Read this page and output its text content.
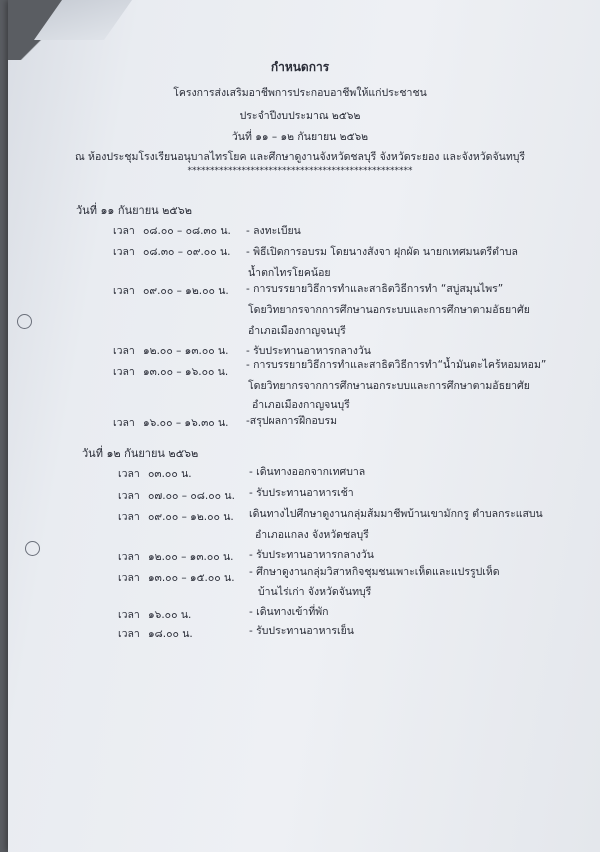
กำหนดการ
โครงการส่งเสริมอาชีพการประกอบอาชีพให้แก่ประชาชน
ประจำปีงบประมาณ ๒๕๖๒
วันที่ ๑๑ – ๑๒ กันยายน ๒๕๖๒
ณ ห้องประชุมโรงเรียนอนุบาลไทรโยค และศึกษาดูงานจังหวัดชลบุรี จังหวัดระยอง และจังหวัดจันทบุรี
**************************************************
วันที่ ๑๑ กันยายน ๒๕๖๒
เวลา ๐๘.๐๐ – ๐๘.๓๐ น. - ลงทะเบียน
เวลา ๐๘.๓๐ – ๐๙.๐๐ น. - พิธีเปิดการอบรม โดยนางสังจา ฝุกผัด นายกเทศมนตรีตำบล
น้ำตกไทรโยคน้อย
เวลา ๐๙.๐๐ – ๑๒.๐๐ น. - การบรรยายวิธีการทำและสาธิตวิธีการทำ “สบู่สมุนไพร”
โดยวิทยากรจากการศึกษานอกระบบและการศึกษาตามอัธยาศัย
อำเภอเมืองกาญจนบุรี
เวลา ๑๒.๐๐ – ๑๓.๐๐ น. - รับประทานอาหารกลางวัน
เวลา ๑๓.๐๐ – ๑๖.๐๐ น.
- การบรรยายวิธีการทำและสาธิตวิธีการทำ“น้ำมันตะไคร้หอมหอม”
โดยวิทยากรจากการศึกษานอกระบบและการศึกษาตามอัธยาศัย
อำเภอเมืองกาญจนบุรี
เวลา ๑๖.๐๐ – ๑๖.๓๐ น. -สรุปผลการฝึกอบรม
วันที่ ๑๒ กันยายน ๒๕๖๒
เวลา ๐๓.๐๐ น.	- เดินทางออกจากเทศบาล
เวลา ๐๗.๐๐ – ๐๘.๐๐ น. - รับประทานอาหารเช้า
เวลา ๐๙.๐๐ – ๑๒.๐๐ น. เดินทางไปศึกษาดูงานกลุ่มส้มมาชีพบ้านเขามักกรู ตำบลกระแสบน
อำเภอแกลง จังหวัดชลบุรี
เวลา ๑๒.๐๐ – ๑๓.๐๐ น. - รับประทานอาหารกลางวัน
เวลา ๑๓.๐๐ – ๑๕.๐๐ น. - ศึกษาดูงานกลุ่มวิสาหกิจชุมชนเพาะเห็ดและแปรรูปเห็ด
บ้านไร่เก่า จังหวัดจันทบุรี
เวลา ๑๖.๐๐ น.	- เดินทางเข้าที่พัก
เวลา ๑๘.๐๐ น.	- รับประทานอาหารเย็น
